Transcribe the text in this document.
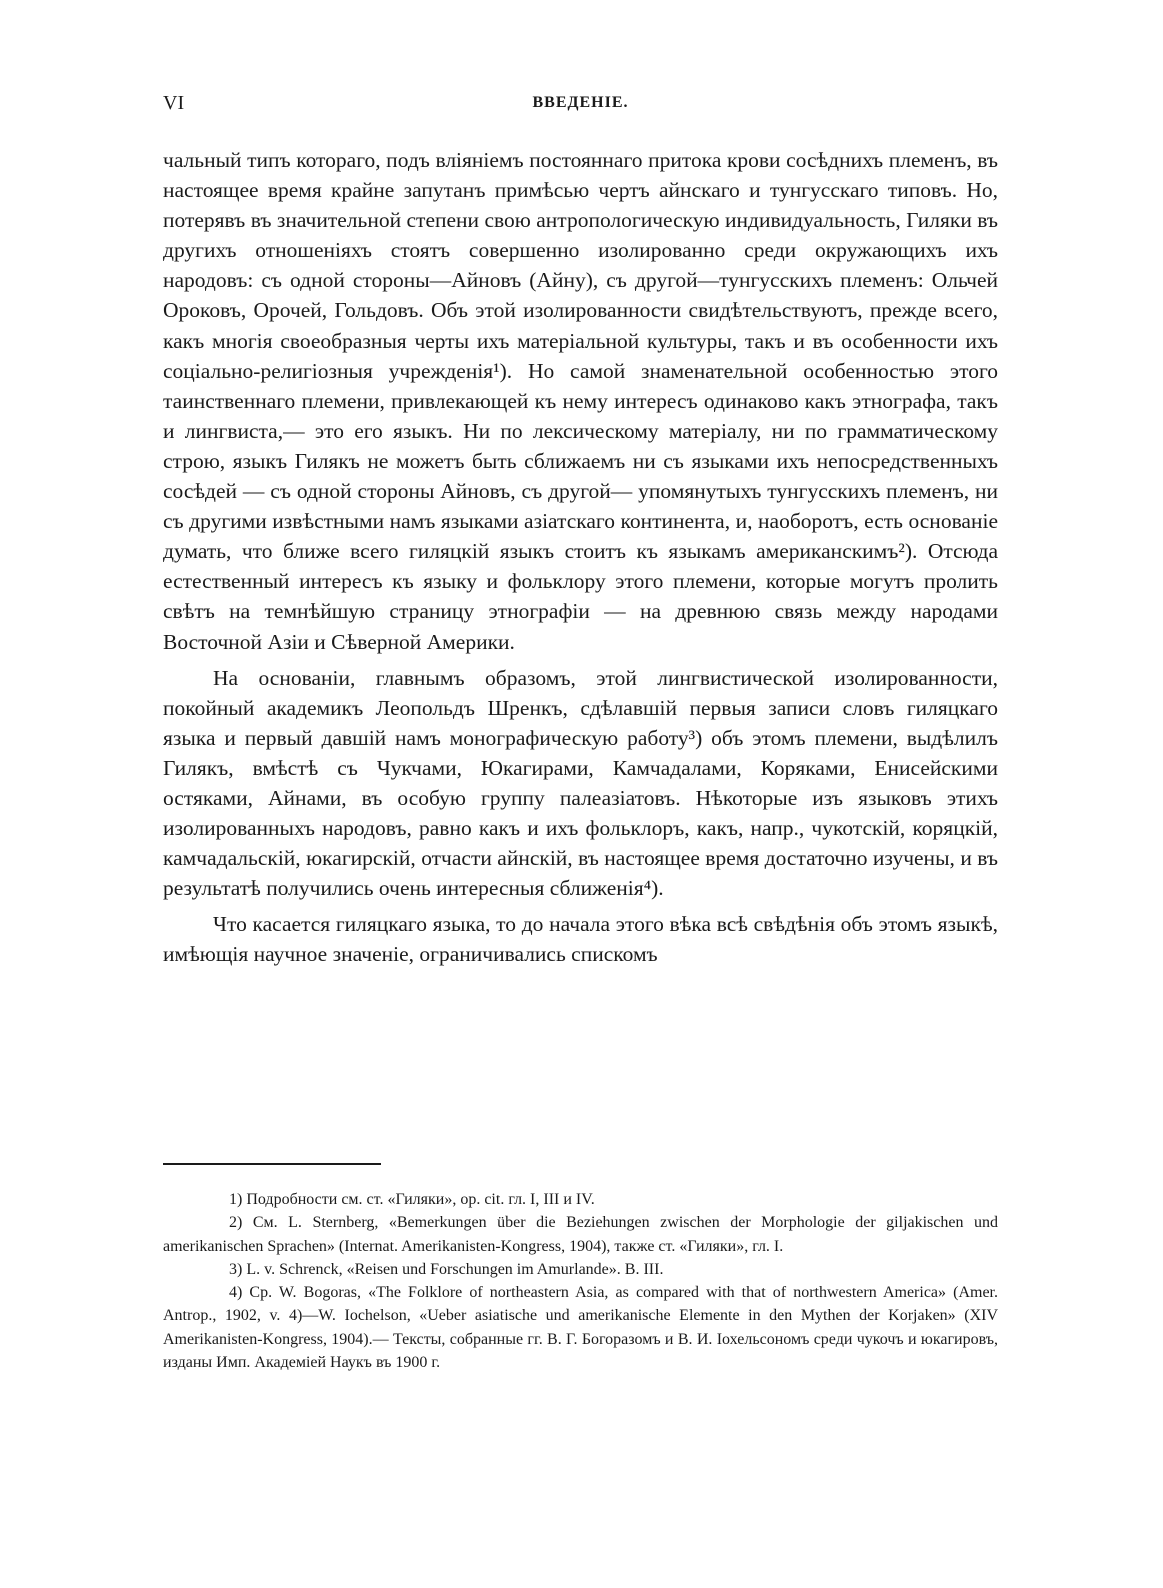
VI	ВВЕДЕНІЕ.

чальный типъ котораго, подъ вліяніемъ постояннаго притока крови сосѣднихъ племенъ, въ настоящее время крайне запутанъ примѣсью чертъ айнскаго и тунгусскаго типовъ. Но, потерявъ въ значительной степени свою антропологическую индивидуальность, Гиляки въ другихъ отношеніяхъ стоятъ совершенно изолированно среди окружающихъ ихъ народовъ: съ одной стороны—Айновъ (Айну), съ другой—тунгусскихъ племенъ: Ольчей Ороковъ, Орочей, Гольдовъ. Объ этой изолированности свидѣтельствуютъ, прежде всего, какъ многія своеобразныя черты ихъ матеріальной культуры, такъ и въ особенности ихъ соціально-религіозныя учрежденія¹). Но самой знаменательной особенностью этого таинственнаго племени, привлекающей къ нему интересъ одинаково какъ этнографа, такъ и лингвиста,— это его языкъ. Ни по лексическому матеріалу, ни по грамматическому строю, языкъ Гилякъ не можетъ быть сближаемъ ни съ языками ихъ непосредственныхъ сосѣдей — съ одной стороны Айновъ, съ другой— упомянутыхъ тунгусскихъ племенъ, ни съ другими извѣстными намъ языками азіатскаго континента, и, наоборотъ, есть основаніе думать, что ближе всего гиляцкій языкъ стоитъ къ языкамъ американскимъ²). Отсюда естественный интересъ къ языку и фольклору этого племени, которые могутъ пролить свѣтъ на темнѣйшую страницу этнографіи — на древнюю связь между народами Восточной Азіи и Сѣверной Америки.

На основаніи, главнымъ образомъ, этой лингвистической изолированности, покойный академикъ Леопольдъ Шренкъ, сдѣлавшій первыя записи словъ гиляцкаго языка и первый давшій намъ монографическую работу³) объ этомъ племени, выдѣлилъ Гилякъ, вмѣстѣ съ Чукчами, Юкагирами, Камчадалами, Коряками, Енисейскими остяками, Айнами, въ особую группу палеазіатовъ. Нѣкоторые изъ языковъ этихъ изолированныхъ народовъ, равно какъ и ихъ фольклоръ, какъ, напр., чукотскій, коряцкій, камчадальскій, юкагирскій, отчасти айнскій, въ настоящее время достаточно изучены, и въ результатѣ получились очень интересныя сближенія⁴).

Что касается гиляцкаго языка, то до начала этого вѣка всѣ свѣдѣнія объ этомъ языкѣ, имѣющія научное значеніе, ограничивались спискомъ

1) Подробности см. ст. «Гиляки», op. cit. гл. I, III и IV.

2) См. L. Sternberg, «Bemerkungen über die Beziehungen zwischen der Morphologie der giljakischen und amerikanischen Sprachen» (Internat. Amerikanisten-Kongress, 1904), также ст. «Гиляки», гл. I.

3) L. v. Schrenck, «Reisen und Forschungen im Amurlande». B. III.

4) Cp. W. Bogoras, «The Folklore of northeastern Asia, as compared with that of northwestern America» (Amer. Antrop., 1902, v. 4)—W. Iochelson, «Ueber asiatische und amerikanische Elemente in den Mythen der Korjaken» (XIV Amerikanisten-Kongress, 1904).— Тексты, собранные гг. В. Г. Богоразомъ и В. И. Іохельсономъ среди чукочъ и юкагировъ, изданы Имп. Академіей Наукъ въ 1900 г.
